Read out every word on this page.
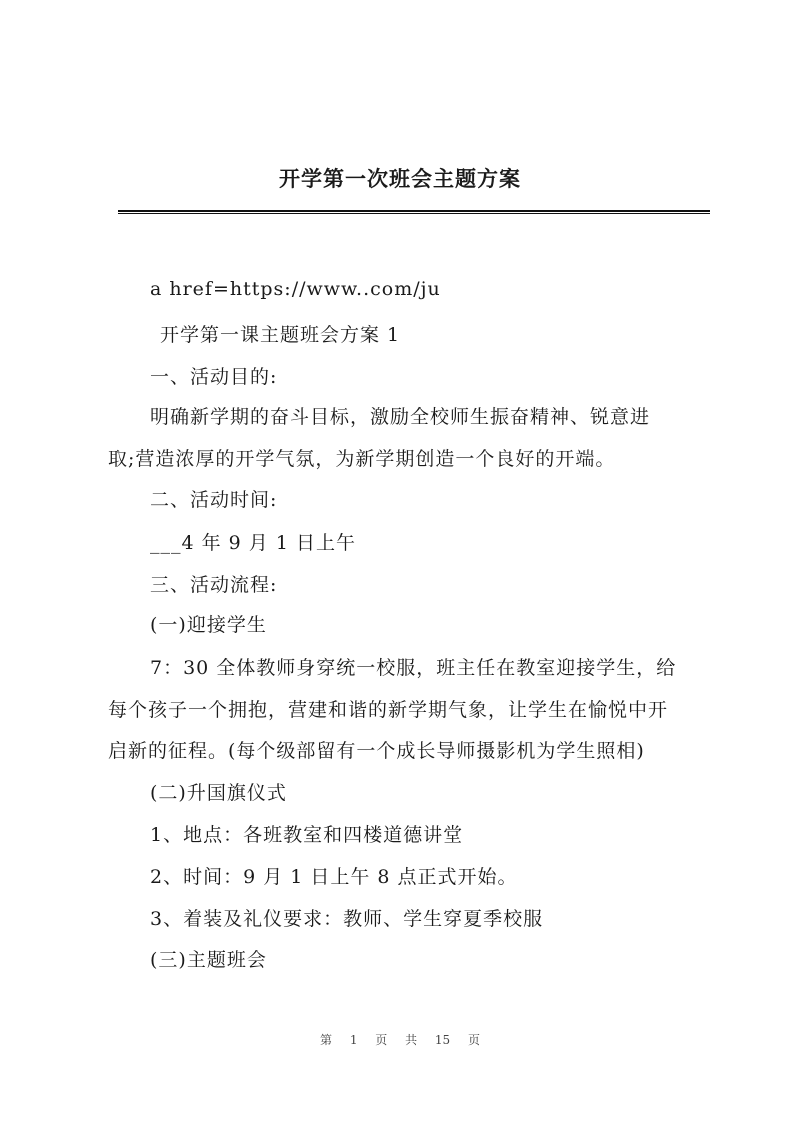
开学第一次班会主题方案
a href=https://www..com/ju
开学第一课主题班会方案 1
一、活动目的:
明确新学期的奋斗目标，激励全校师生振奋精神、锐意进
取;营造浓厚的开学气氛，为新学期创造一个良好的开端。
二、活动时间:
___4 年 9 月 1 日上午
三、活动流程:
(一)迎接学生
7：30 全体教师身穿统一校服，班主任在教室迎接学生，给
每个孩子一个拥抱，营建和谐的新学期气象，让学生在愉悦中开
启新的征程。(每个级部留有一个成长导师摄影机为学生照相)
(二)升国旗仪式
1、地点：各班教室和四楼道德讲堂
2、时间：9 月 1 日上午 8 点正式开始。
3、着装及礼仪要求：教师、学生穿夏季校服
(三)主题班会
第 1 页 共 15 页
